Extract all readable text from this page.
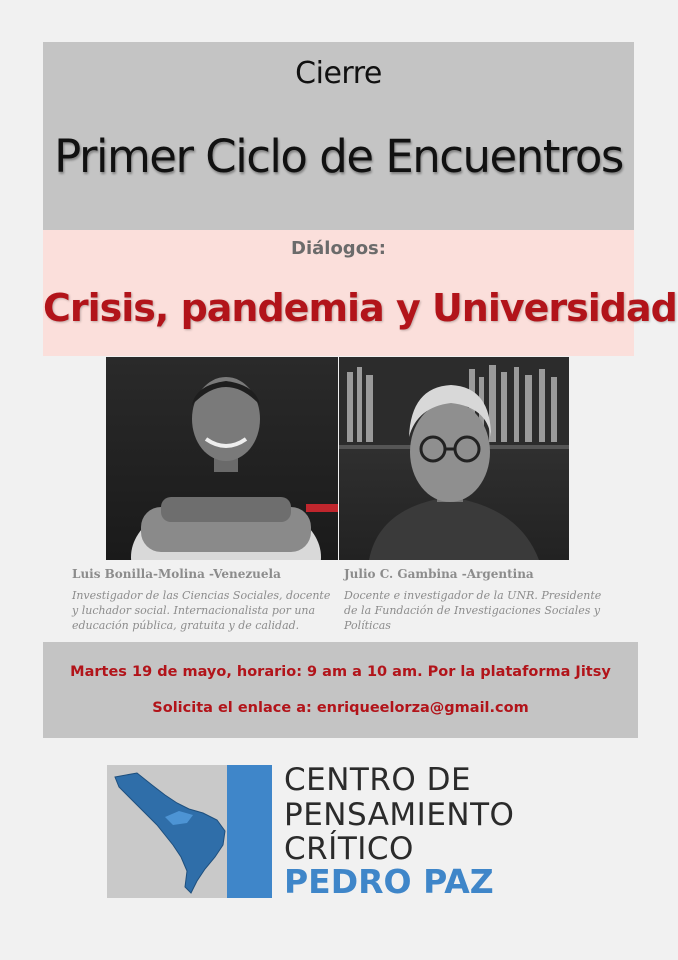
Cierre
Primer Ciclo de Encuentros
Diálogos:
Crisis, pandemia y Universidad
Luis Bonilla-Molina -Venezuela
Investigador de las Ciencias Sociales, docente
y luchador social. Internacionalista por una
educación pública, gratuita y de calidad.
Julio C. Gambina -Argentina
Docente e investigador de la UNR. Presidente
de la Fundación de Investigaciones Sociales y
Políticas
Martes 19 de mayo, horario: 9 am a 10 am. Por la plataforma Jitsy
Solicita el enlace a: enriqueelorza@gmail.com
CENTRO DE
PENSAMIENTO
CRÍTICO
PEDRO PAZ
